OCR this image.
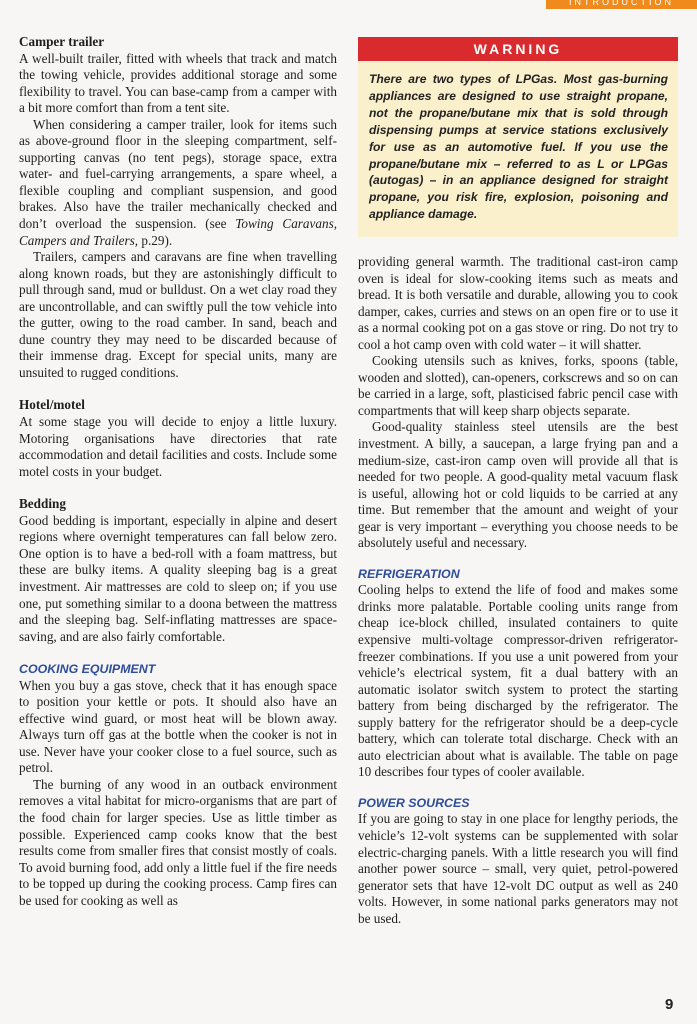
INTRODUCTION
Camper trailer

A well-built trailer, fitted with wheels that track and match the towing vehicle, provides additional storage and some flexibility to travel. You can base-camp from a camper with a bit more comfort than from a tent site.

When considering a camper trailer, look for items such as above-ground floor in the sleeping compartment, self-supporting canvas (no tent pegs), storage space, extra water- and fuel-carrying arrangements, a spare wheel, a flexible coupling and compliant suspension, and good brakes. Also have the trailer mechanically checked and don’t overload the suspension. (see Towing Caravans, Campers and Trailers, p.29).

Trailers, campers and caravans are fine when travelling along known roads, but they are astonishingly difficult to pull through sand, mud or bulldust. On a wet clay road they are uncontrollable, and can swiftly pull the tow vehicle into the gutter, owing to the road camber. In sand, beach and dune country they may need to be discarded because of their immense drag. Except for special units, many are unsuited to rugged conditions.

Hotel/motel

At some stage you will decide to enjoy a little luxury. Motoring organisations have directories that rate accommodation and detail facilities and costs. Include some motel costs in your budget.

Bedding

Good bedding is important, especially in alpine and desert regions where overnight temperatures can fall below zero. One option is to have a bed-roll with a foam mattress, but these are bulky items. A quality sleeping bag is a great investment. Air mattresses are cold to sleep on; if you use one, put something similar to a doona between the mattress and the sleeping bag. Self-inflating mattresses are space-saving, and are also fairly comfortable.

COOKING EQUIPMENT

When you buy a gas stove, check that it has enough space to position your kettle or pots. It should also have an effective wind guard, or most heat will be blown away. Always turn off gas at the bottle when the cooker is not in use. Never have your cooker close to a fuel source, such as petrol.

The burning of any wood in an outback environment removes a vital habitat for micro-organisms that are part of the food chain for larger species. Use as little timber as possible. Experienced camp cooks know that the best results come from smaller fires that consist mostly of coals. To avoid burning food, add only a little fuel if the fire needs to be topped up during the cooking process. Camp fires can be used for cooking as well as

WARNING
There are two types of LPGas. Most gas-burning appliances are designed to use straight propane, not the propane/butane mix that is sold through dispensing pumps at service stations exclusively for use as an automotive fuel. If you use the propane/butane mix – referred to as L or LPGas (autogas) – in an appliance designed for straight propane, you risk fire, explosion, poisoning and appliance damage.

providing general warmth. The traditional cast-iron camp oven is ideal for slow-cooking items such as meats and bread. It is both versatile and durable, allowing you to cook damper, cakes, curries and stews on an open fire or to use it as a normal cooking pot on a gas stove or ring. Do not try to cool a hot camp oven with cold water – it will shatter.

Cooking utensils such as knives, forks, spoons (table, wooden and slotted), can-openers, corkscrews and so on can be carried in a large, soft, plasticised fabric pencil case with compartments that will keep sharp objects separate.

Good-quality stainless steel utensils are the best investment. A billy, a saucepan, a large frying pan and a medium-size, cast-iron camp oven will provide all that is needed for two people. A good-quality metal vacuum flask is useful, allowing hot or cold liquids to be carried at any time. But remember that the amount and weight of your gear is very important – everything you choose needs to be absolutely useful and necessary.

REFRIGERATION

Cooling helps to extend the life of food and makes some drinks more palatable. Portable cooling units range from cheap ice-block chilled, insulated containers to quite expensive multi-voltage compressor-driven refrigerator-freezer combinations. If you use a unit powered from your vehicle’s electrical system, fit a dual battery with an automatic isolator switch system to protect the starting battery from being discharged by the refrigerator. The supply battery for the refrigerator should be a deep-cycle battery, which can tolerate total discharge. Check with an auto electrician about what is available. The table on page 10 describes four types of cooler available.

POWER SOURCES

If you are going to stay in one place for lengthy periods, the vehicle’s 12-volt systems can be supplemented with solar electric-charging panels. With a little research you will find another power source – small, very quiet, petrol-powered generator sets that have 12-volt DC output as well as 240 volts. However, in some national parks generators may not be used.

9
